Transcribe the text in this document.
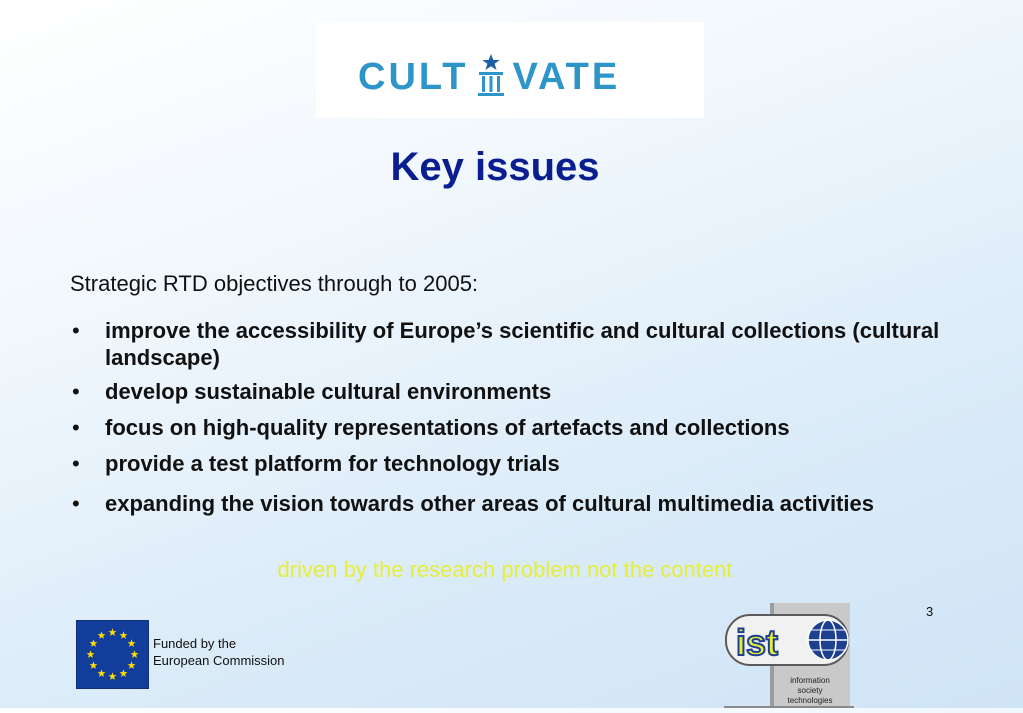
CULT VATE
Key issues
Strategic RTD objectives through to 2005:
• improve the accessibility of Europe’s scientific and cultural collections (cultural landscape)
• develop sustainable cultural environments
• focus on high-quality representations of artefacts and collections
• provide a test platform for technology trials
• expanding the vision towards other areas of cultural multimedia activities
driven by the research problem not the content
3
Funded by the
European Commission	ist
information
society
technologies
